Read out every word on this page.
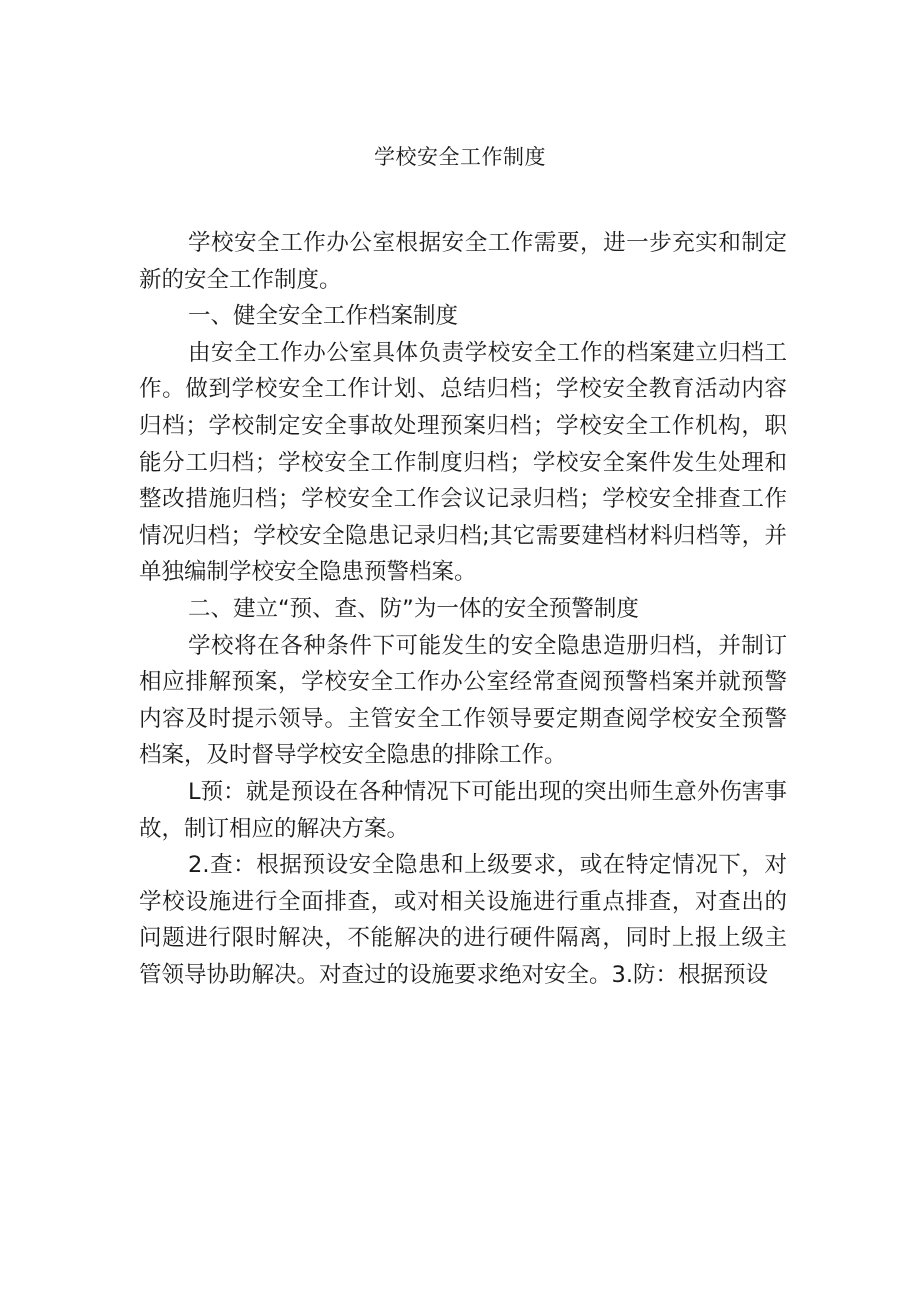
学校安全工作制度

学校安全工作办公室根据安全工作需要，进一步充实和制定新的安全工作制度。

一、健全安全工作档案制度

由安全工作办公室具体负责学校安全工作的档案建立归档工作。做到学校安全工作计划、总结归档；学校安全教育活动内容归档；学校制定安全事故处理预案归档；学校安全工作机构，职能分工归档；学校安全工作制度归档；学校安全案件发生处理和整改措施归档；学校安全工作会议记录归档；学校安全排查工作情况归档；学校安全隐患记录归档;其它需要建档材料归档等，并单独编制学校安全隐患预警档案。

二、建立“预、查、防”为一体的安全预警制度

学校将在各种条件下可能发生的安全隐患造册归档，并制订相应排解预案，学校安全工作办公室经常查阅预警档案并就预警内容及时提示领导。主管安全工作领导要定期查阅学校安全预警档案，及时督导学校安全隐患的排除工作。

L预：就是预设在各种情况下可能出现的突出师生意外伤害事故，制订相应的解决方案。

2.查：根据预设安全隐患和上级要求，或在特定情况下，对学校设施进行全面排查，或对相关设施进行重点排查，对查出的问题进行限时解决，不能解决的进行硬件隔离，同时上报上级主管领导协助解决。对查过的设施要求绝对安全。3.防：根据预设
